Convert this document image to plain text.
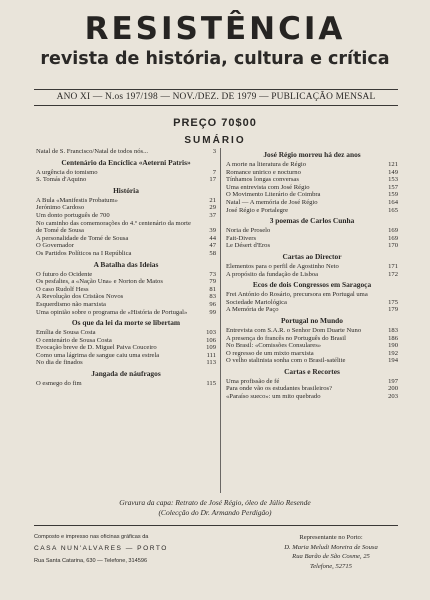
RESISTÊNCIA
revista de história, cultura e crítica
ANO XI — N.os 197/198 — NOV./DEZ. DE 1979 — PUBLICAÇÃO MENSAL
PREÇO 70$00
SUMÁRIO
Natal de S. Francisco/Natal de todos nós...	3
Centenário da Encíclica «Aeterni Patris»
A urgência do tomismo	7
S. Tomás d'Aquino	17
História
A Bula «Manifestis Probatum»	21
Jerónimo Cardoso	29
Um donto português de 700	37
No caminho das comemorações do 4.º centenário da morte de Tomé de Sousa	39
A personalidade de Tomé de Sousa	44
O Governador	47
Os Partidos Políticos na I República	58
A Batalha das Ideias
O futuro do Ocidente	73
Os pesfaltes, a «Nação Una» e Norton de Matos	79
O caso Rudolf Hess	81
A Revolução dos Cristãos Novos	83
Esquerdismo não marxista	96
Uma opinião sobre o programa de «História de Portugal»	99
Os que da lei da morte se libertam
Emília de Sousa Costa	103
O centenário de Sousa Costa	106
Evocação breve de D. Miguel Paiva Couceiro	109
Como uma lágrima de sangue caiu uma estrela	111
No dia de finados	113
Jangada de náufragos
O esmego do fim	115
José Régio morreu há dez anos
A morte na literatura de Régio	121
Romance unirico e nocturno	149
Tínhamos longas conversas	153
Uma entrevista com José Régio	157
O Movimento Literário de Coimbra	159
Natal — A memória de José Régio	164
José Régio e Portalegre	165
3 poemas de Carlos Cunha
Noria de Proselo	169
Fait-Divers	169
Le Désert d'Eros	170
Cartas ao Director
Elementos para o perfil de Agostinho Neto	171
A propósito da fundação de Lisboa	172
Ecos de dois Congressos em Saragoça
Frei António do Rosário, precursora em Portugal uma Sociedade Mariológica	175
A Memória de Paço	179
Portugal no Mundo
Entrevista com S.A.R. o Senhor Dom Duarte Nuno	183
A presença do francês no Português do Brasil	186
No Brasil: «Comissões Consulares»	190
O regresso de um mixto marxista	192
O velho stalinista sonha com o Brasil-satélite	194
Cartas e Recortes
Uma profissão de fé	197
Para onde vão os estudantes brasileiros?	200
«Paraíso sueco»: um mito quebrado	203
Gravura da capa: Retrato de José Régio, óleo de Júlio Resende
(Colecção do Dr. Armando Perdigão)
Composto e impresso nas oficinas gráficas da
CASA NUN'ALVARES — PORTO
Rua Santa Catarina, 630 — Telefone, 314596
Representante no Porto:
D. Maria Meludi Moreira de Sousa
Rua Barão de São Cosme, 25
Telefone, 52715
